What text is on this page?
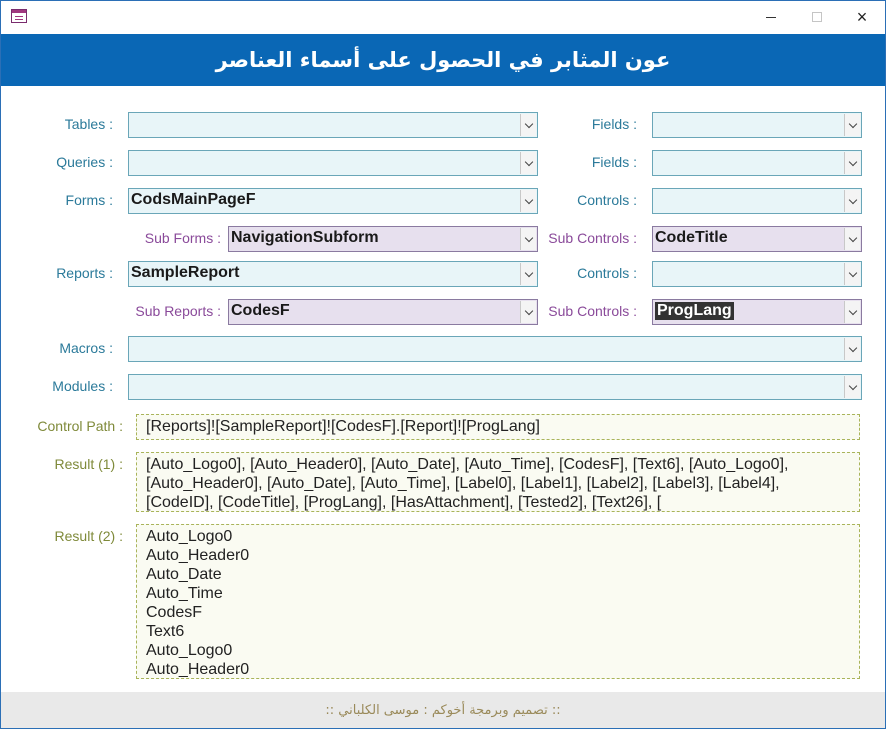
×
عون المثابر في الحصول على أسماء العناصر
Tables :
Queries :
Forms :
Sub Forms :
Reports :
Sub Reports :
Macros :
Modules :
Fields :
Fields :
Controls :
Sub Controls :
Controls :
Sub Controls :
CodsMainPageF
NavigationSubform
SampleReport
CodesF
CodeTitle
ProgLang
Control Path : [Reports]![SampleReport]![CodesF].[Report]![ProgLang]
Result (1) : [Auto_Logo0], [Auto_Header0], [Auto_Date], [Auto_Time], [CodesF], [Text6], [Auto_Logo0],
[Auto_Header0], [Auto_Date], [Auto_Time], [Label0], [Label1], [Label2], [Label3], [Label4],
[CodeID], [CodeTitle], [ProgLang], [HasAttachment], [Tested2], [Text26], [
Result (2) : Auto_Logo0
Auto_Header0
Auto_Date
Auto_Time
CodesF
Text6
Auto_Logo0
Auto_Header0
:: تصميم وبرمجة أخوكم : موسى الكلباني ::
